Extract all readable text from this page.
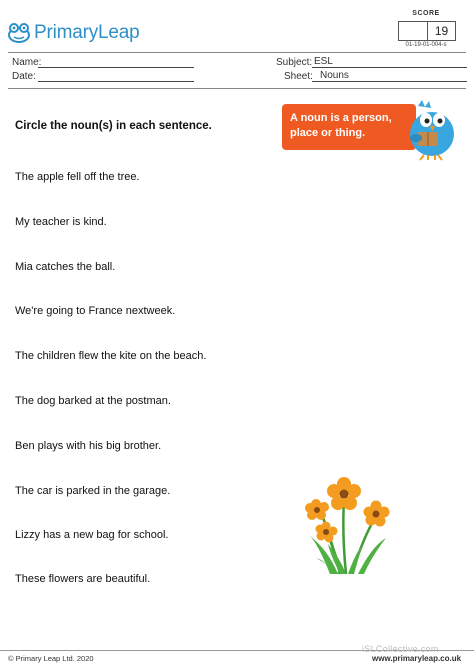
PrimaryLeap
SCORE
19
01-19-01-004-s
Name:
Date:
Subject: ESL
Sheet: Nouns
Circle the noun(s) in each sentence.
A noun is a person, place or thing.
The apple fell off the tree.
My teacher is kind.
Mia catches the ball.
We're going to France nextweek.
The children flew the kite on the beach.
The dog barked at the postman.
Ben plays with his big brother.
The car is parked in the garage.
Lizzy has a new bag for school.
These flowers are beautiful.
iSLCollective.com
© Primary Leap Ltd. 2020	www.primaryleap.co.uk
